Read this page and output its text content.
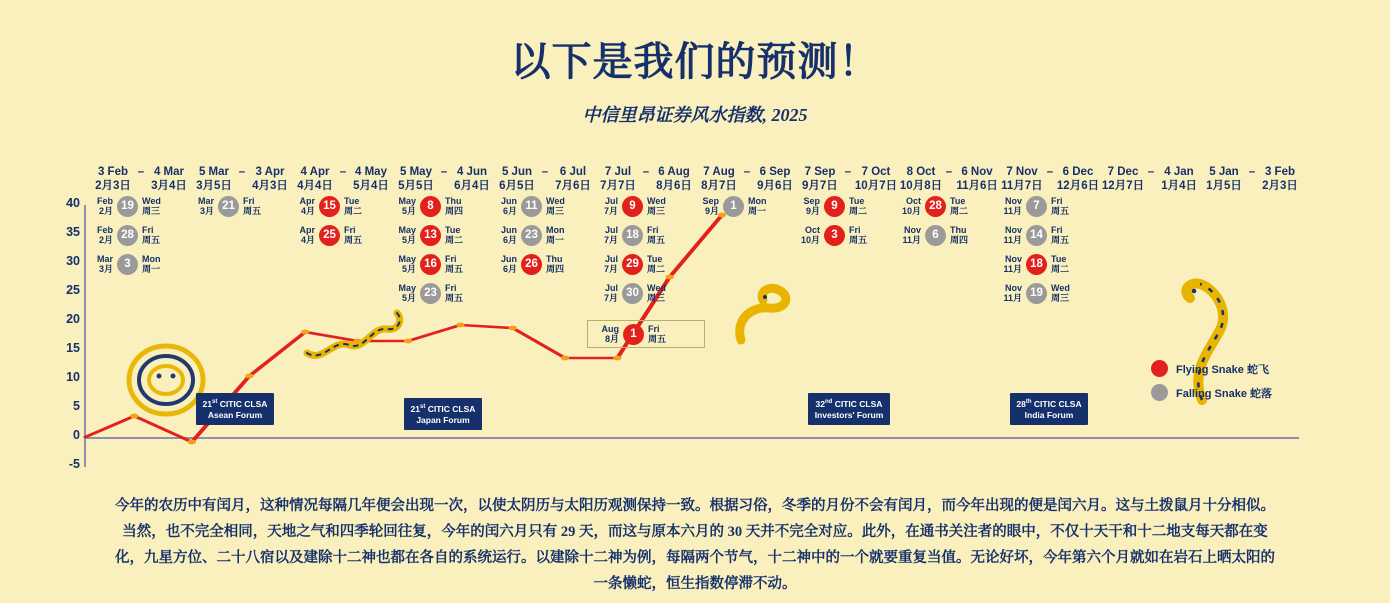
以下是我们的预测！
中信里昂证券风水指数, 2025
40
35
30
25
20
15
10
5
0
-5
3 Feb – 4 Mar
2月3日 3月4日
5 Mar – 3 Apr
3月5日 4月3日
4 Apr – 4 May
4月4日 5月4日
5 May – 4 Jun
5月5日 6月4日
5 Jun – 6 Jul
6月5日 7月6日
7 Jul – 6 Aug
7月7日 8月6日
7 Aug – 6 Sep
8月7日 9月6日
7 Sep – 7 Oct
9月7日 10月7日
8 Oct – 6 Nov
10月8日 11月6日
7 Nov – 6 Dec
11月7日 12月6日
7 Dec – 4 Jan
12月7日 1月4日
5 Jan – 3 Feb
1月5日 2月3日
Feb
2月 19 Wed
周三
Feb
2月 28 Fri
周五
Mar
3月 3	Mon
周一
Mar
3月 21 Fri
周五
Apr
4月 15 Tue
周二
Apr
4月 25 Fri
周五
May
5月 8	Thu
周四
May
5月 13 Tue
周二
May
5月 16 Fri
周五
May
5月 23 Fri
周五
Jun
6月 11 Wed
周三
Jun
6月 23 Mon
周一
Jun
6月 26 Thu
周四
Jul
7月 9	Wed
周三
Jul
7月 18 Fri
周五
Jul
7月 29 Tue
周二
Jul
7月 30 Wed
周三
Aug
8月 1	Fri
周五
Sep
9月 1	Mon
周一
Sep
9月 9	Tue
周二
Oct
10月 3	Fri
周五
Oct
10月 28 Tue
周二
Nov
11月 6	Thu
周四
Nov
11月 7	Fri
周五
Nov
11月 14 Fri
周五
Nov
11月 18 Tue
周二
Nov
11月 19 Wed
周三
21st CITIC CLSA
Asean Forum
21st CITIC CLSA
Japan Forum
32nd CITIC CLSA
Investors' Forum
28th CITIC CLSA
India Forum
Flying Snake 蛇飞
Falling Snake 蛇落

今年的农历中有闰月，这种情况每隔几年便会出现一次，以使太阴历与太阳历观测保持一致。根据习俗，冬季的月份不会有闰月，而今年出现的便是闰六月。这与土拨鼠月十分相似。

当然，也不完全相同，天地之气和四季轮回往复，今年的闰六月只有 29 天，而这与原本六月的 30 天并不完全对应。此外，在通书关注者的眼中，不仅十天干和十二地支每天都在变

化，九星方位、二十八宿以及建除十二神也都在各自的系统运行。以建除十二神为例，每隔两个节气，十二神中的一个就要重复当值。无论好坏，今年第六个月就如在岩石上晒太阳的

一条懒蛇，恒生指数停滞不动。
